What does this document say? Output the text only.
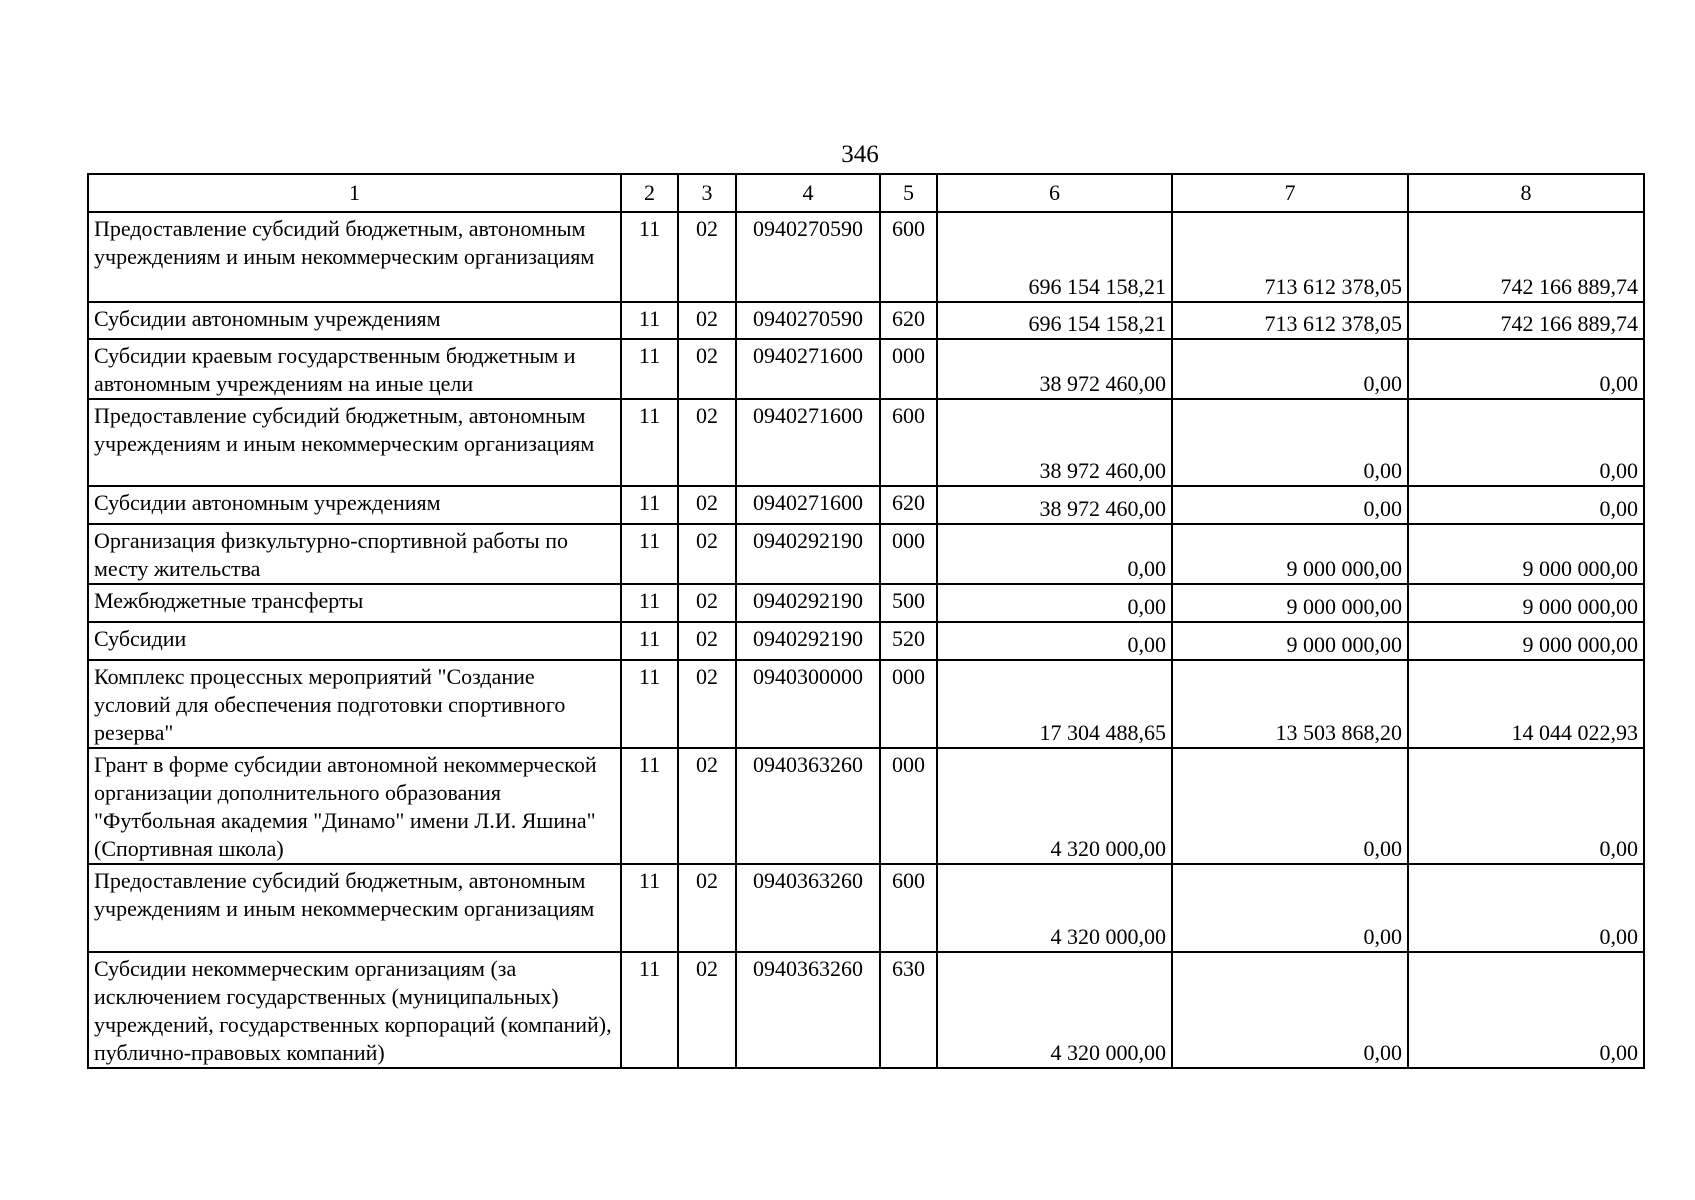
346
1	2	3	4	5	6	7	8
Предоставление субсидий бюджетным, автономным учреждениям и иным некоммерческим организациям	11	02	0940270590	600	696 154 158,21	713 612 378,05	742 166 889,74
Субсидии автономным учреждениям	11	02	0940270590	620	696 154 158,21	713 612 378,05	742 166 889,74
Субсидии краевым государственным бюджетным и автономным учреждениям на иные цели	11	02	0940271600	000	38 972 460,00	0,00	0,00
Предоставление субсидий бюджетным, автономным учреждениям и иным некоммерческим организациям	11	02	0940271600	600	38 972 460,00	0,00	0,00
Субсидии автономным учреждениям	11	02	0940271600	620	38 972 460,00	0,00	0,00
Организация физкультурно-спортивной работы по месту жительства	11	02	0940292190	000	0,00	9 000 000,00	9 000 000,00
Межбюджетные трансферты	11	02	0940292190	500	0,00	9 000 000,00	9 000 000,00
Субсидии	11	02	0940292190	520	0,00	9 000 000,00	9 000 000,00
Комплекс процессных мероприятий "Создание условий для обеспечения подготовки спортивного резерва"	11	02	0940300000	000	17 304 488,65	13 503 868,20	14 044 022,93
Грант в форме субсидии автономной некоммерческой организации дополнительного образования "Футбольная академия "Динамо" имени Л.И. Яшина" (Спортивная школа)	11	02	0940363260	000	4 320 000,00	0,00	0,00
Предоставление субсидий бюджетным, автономным учреждениям и иным некоммерческим организациям	11	02	0940363260	600	4 320 000,00	0,00	0,00
Субсидии некоммерческим организациям (за исключением государственных (муниципальных) учреждений, государственных корпораций (компаний), публично-правовых компаний)	11	02	0940363260	630	4 320 000,00	0,00	0,00
